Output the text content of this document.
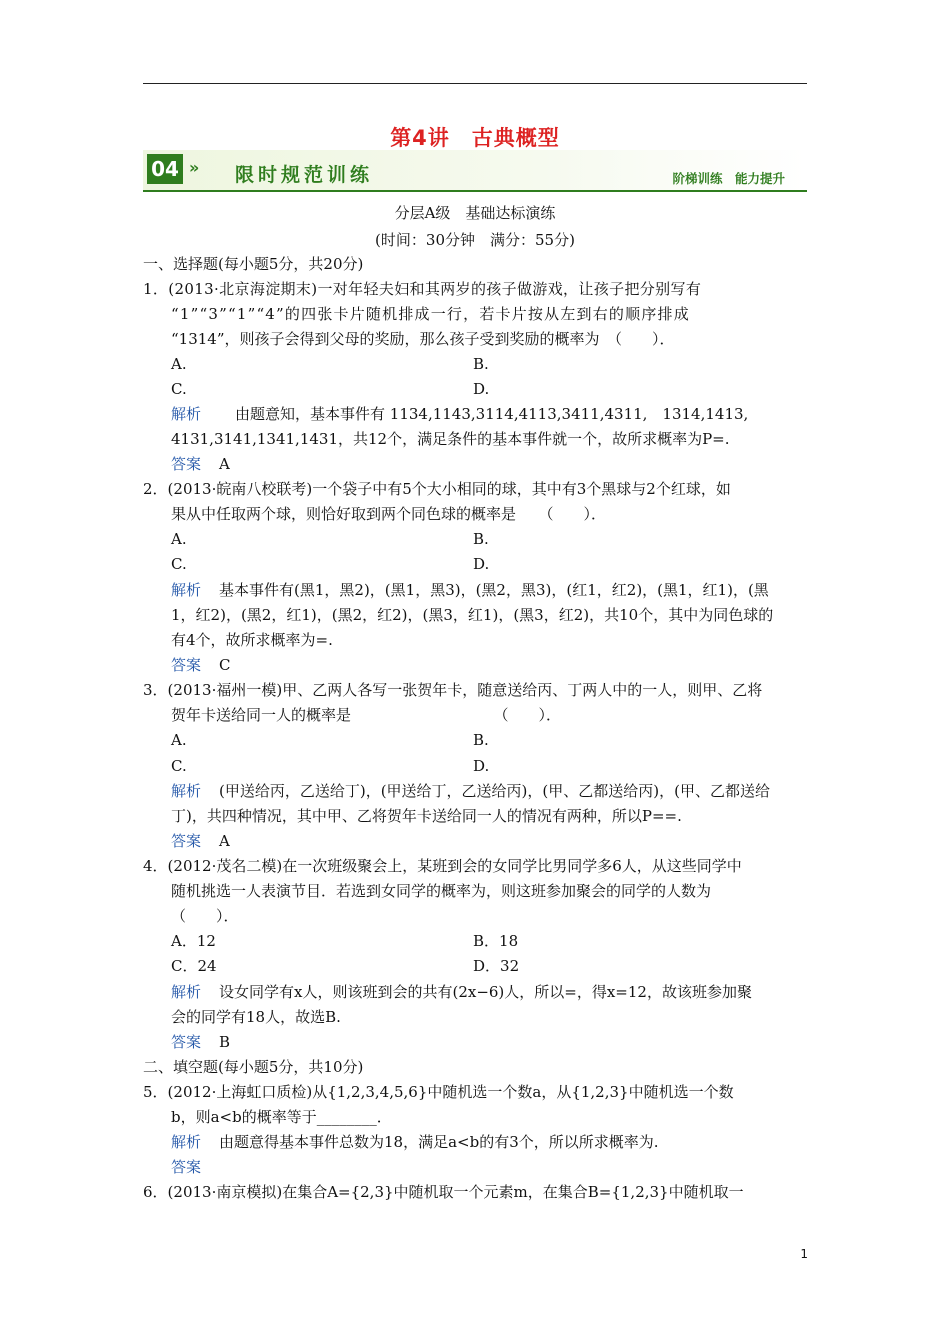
第4讲　古典概型
04 » 限时规范训练	阶梯训练　能力提升
分层A级　基础达标演练
(时间：30分钟　满分：55分)
一、选择题(每小题5分，共20分)
1．(2013·北京海淀期末)一对年轻夫妇和其两岁的孩子做游戏，让孩子把分别写有
“1”“3”“1”“4”的四张卡片随机排成一行，若卡片按从左到右的顺序排成
“1314”，则孩子会得到父母的奖励，那么孩子受到奖励的概率为　（　　）．
A.	B.
C.	D.
解析 由题意知，基本事件有 1134,1143,3114,4113,3411,4311,　1314,1413,
4131,3141,1341,1431，共12个，满足条件的基本事件就一个，故所求概率为P=.
答案 A
2．(2013·皖南八校联考)一个袋子中有5个大小相同的球，其中有3个黑球与2个红球，如
果从中任取两个球，则恰好取到两个同色球的概率是　　（　　）．
A.	B.
C.	D.
解析 基本事件有(黑1，黑2)，(黑1，黑3)，(黑2，黑3)，(红1，红2)，(黑1，红1)，(黑
1，红2)，(黑2，红1)，(黑2，红2)，(黑3，红1)，(黑3，红2)，共10个，其中为同色球的
有4个，故所求概率为=.
答案 C
3．(2013·福州一模)甲、乙两人各写一张贺年卡，随意送给丙、丁两人中的一人，则甲、乙将
贺年卡送给同一人的概率是　　　　　　　　　　（　　）．
A.	B.
C.	D.
解析 (甲送给丙，乙送给丁)，(甲送给丁，乙送给丙)，(甲、乙都送给丙)，(甲、乙都送给
丁)，共四种情况，其中甲、乙将贺年卡送给同一人的情况有两种，所以P==.
答案 A
4．(2012·茂名二模)在一次班级聚会上，某班到会的女同学比男同学多6人，从这些同学中
随机挑选一人表演节目．若选到女同学的概率为，则这班参加聚会的同学的人数为
（　　）．
A．12	B．18
C．24	D．32
解析 设女同学有x人，则该班到会的共有(2x−6)人，所以=，得x=12，故该班参加聚
会的同学有18人，故选B.
答案 B
二、填空题(每小题5分，共10分)
5．(2012·上海虹口质检)从{1,2,3,4,5,6}中随机选一个数a，从{1,2,3}中随机选一个数
b，则a<b的概率等于________．
解析 由题意得基本事件总数为18，满足a<b的有3个，所以所求概率为.
答案
6．(2013·南京模拟)在集合A={2,3}中随机取一个元素m，在集合B={1,2,3}中随机取一
1
